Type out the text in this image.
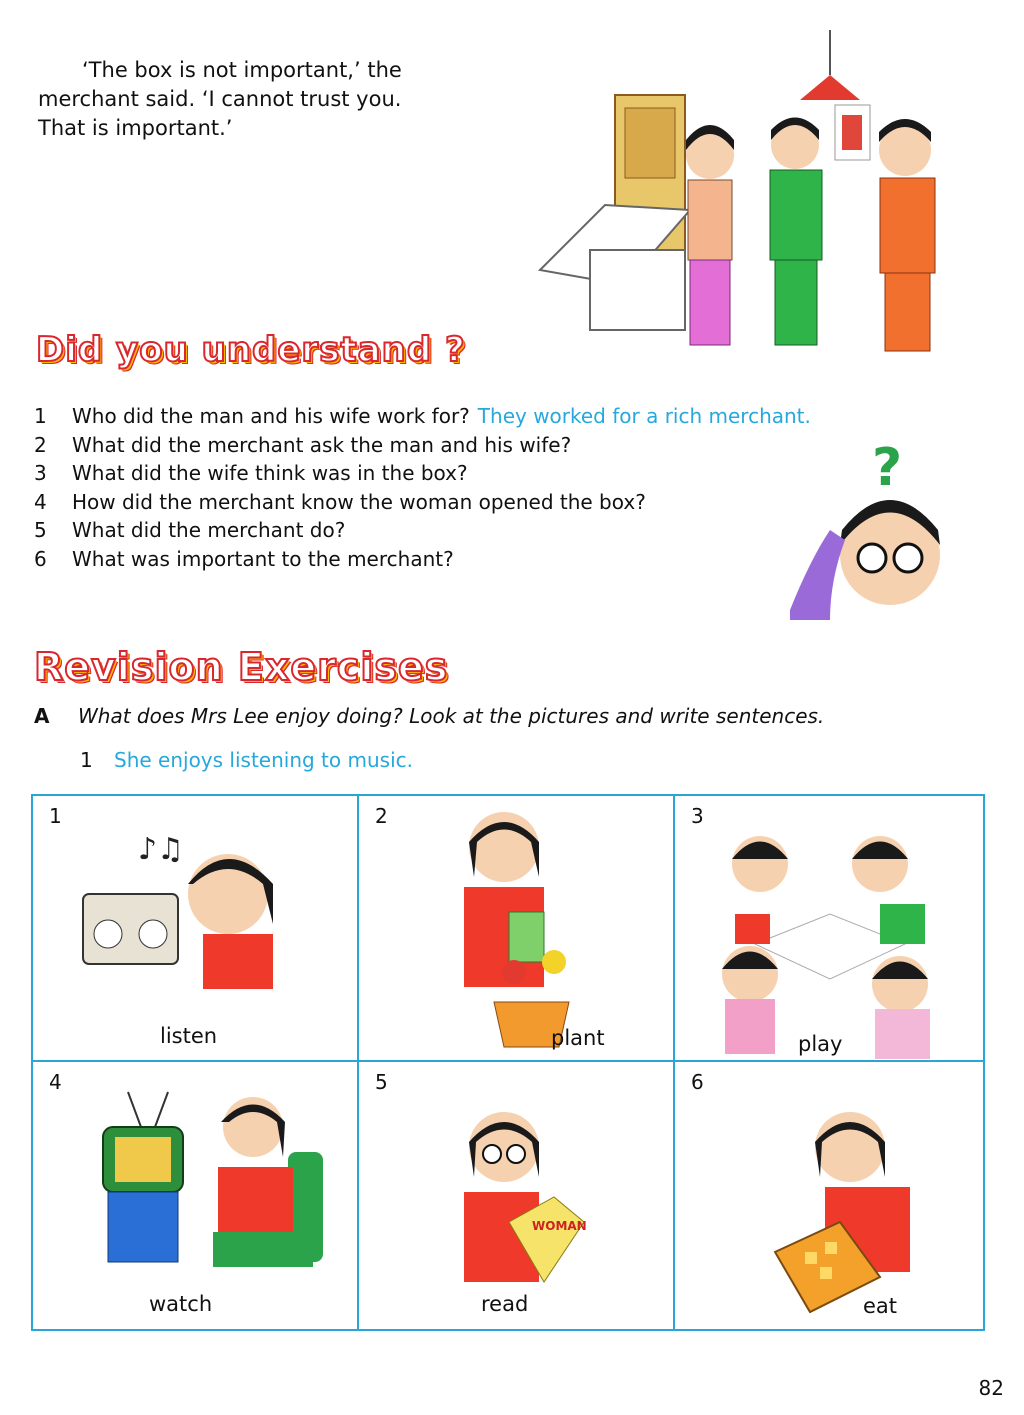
‘The box is not important,’ the

merchant said. ‘I cannot trust you.

That is important.’

Did you understand ?
1 Who did the man and his wife work for? They worked for a rich merchant.
2 What did the merchant ask the man and his wife?
3 What did the wife think was in the box?
4 How did the merchant know the woman opened the box?
5 What did the merchant do?
6 What was important to the merchant?
?
Revision Exercises
A What does Mrs Lee enjoy doing? Look at the pictures and write sentences.
1 She enjoys listening to music.
1
♪♫
listen
2
plant
3
play
4
watch
5
WOMAN
read
6
eat
82
